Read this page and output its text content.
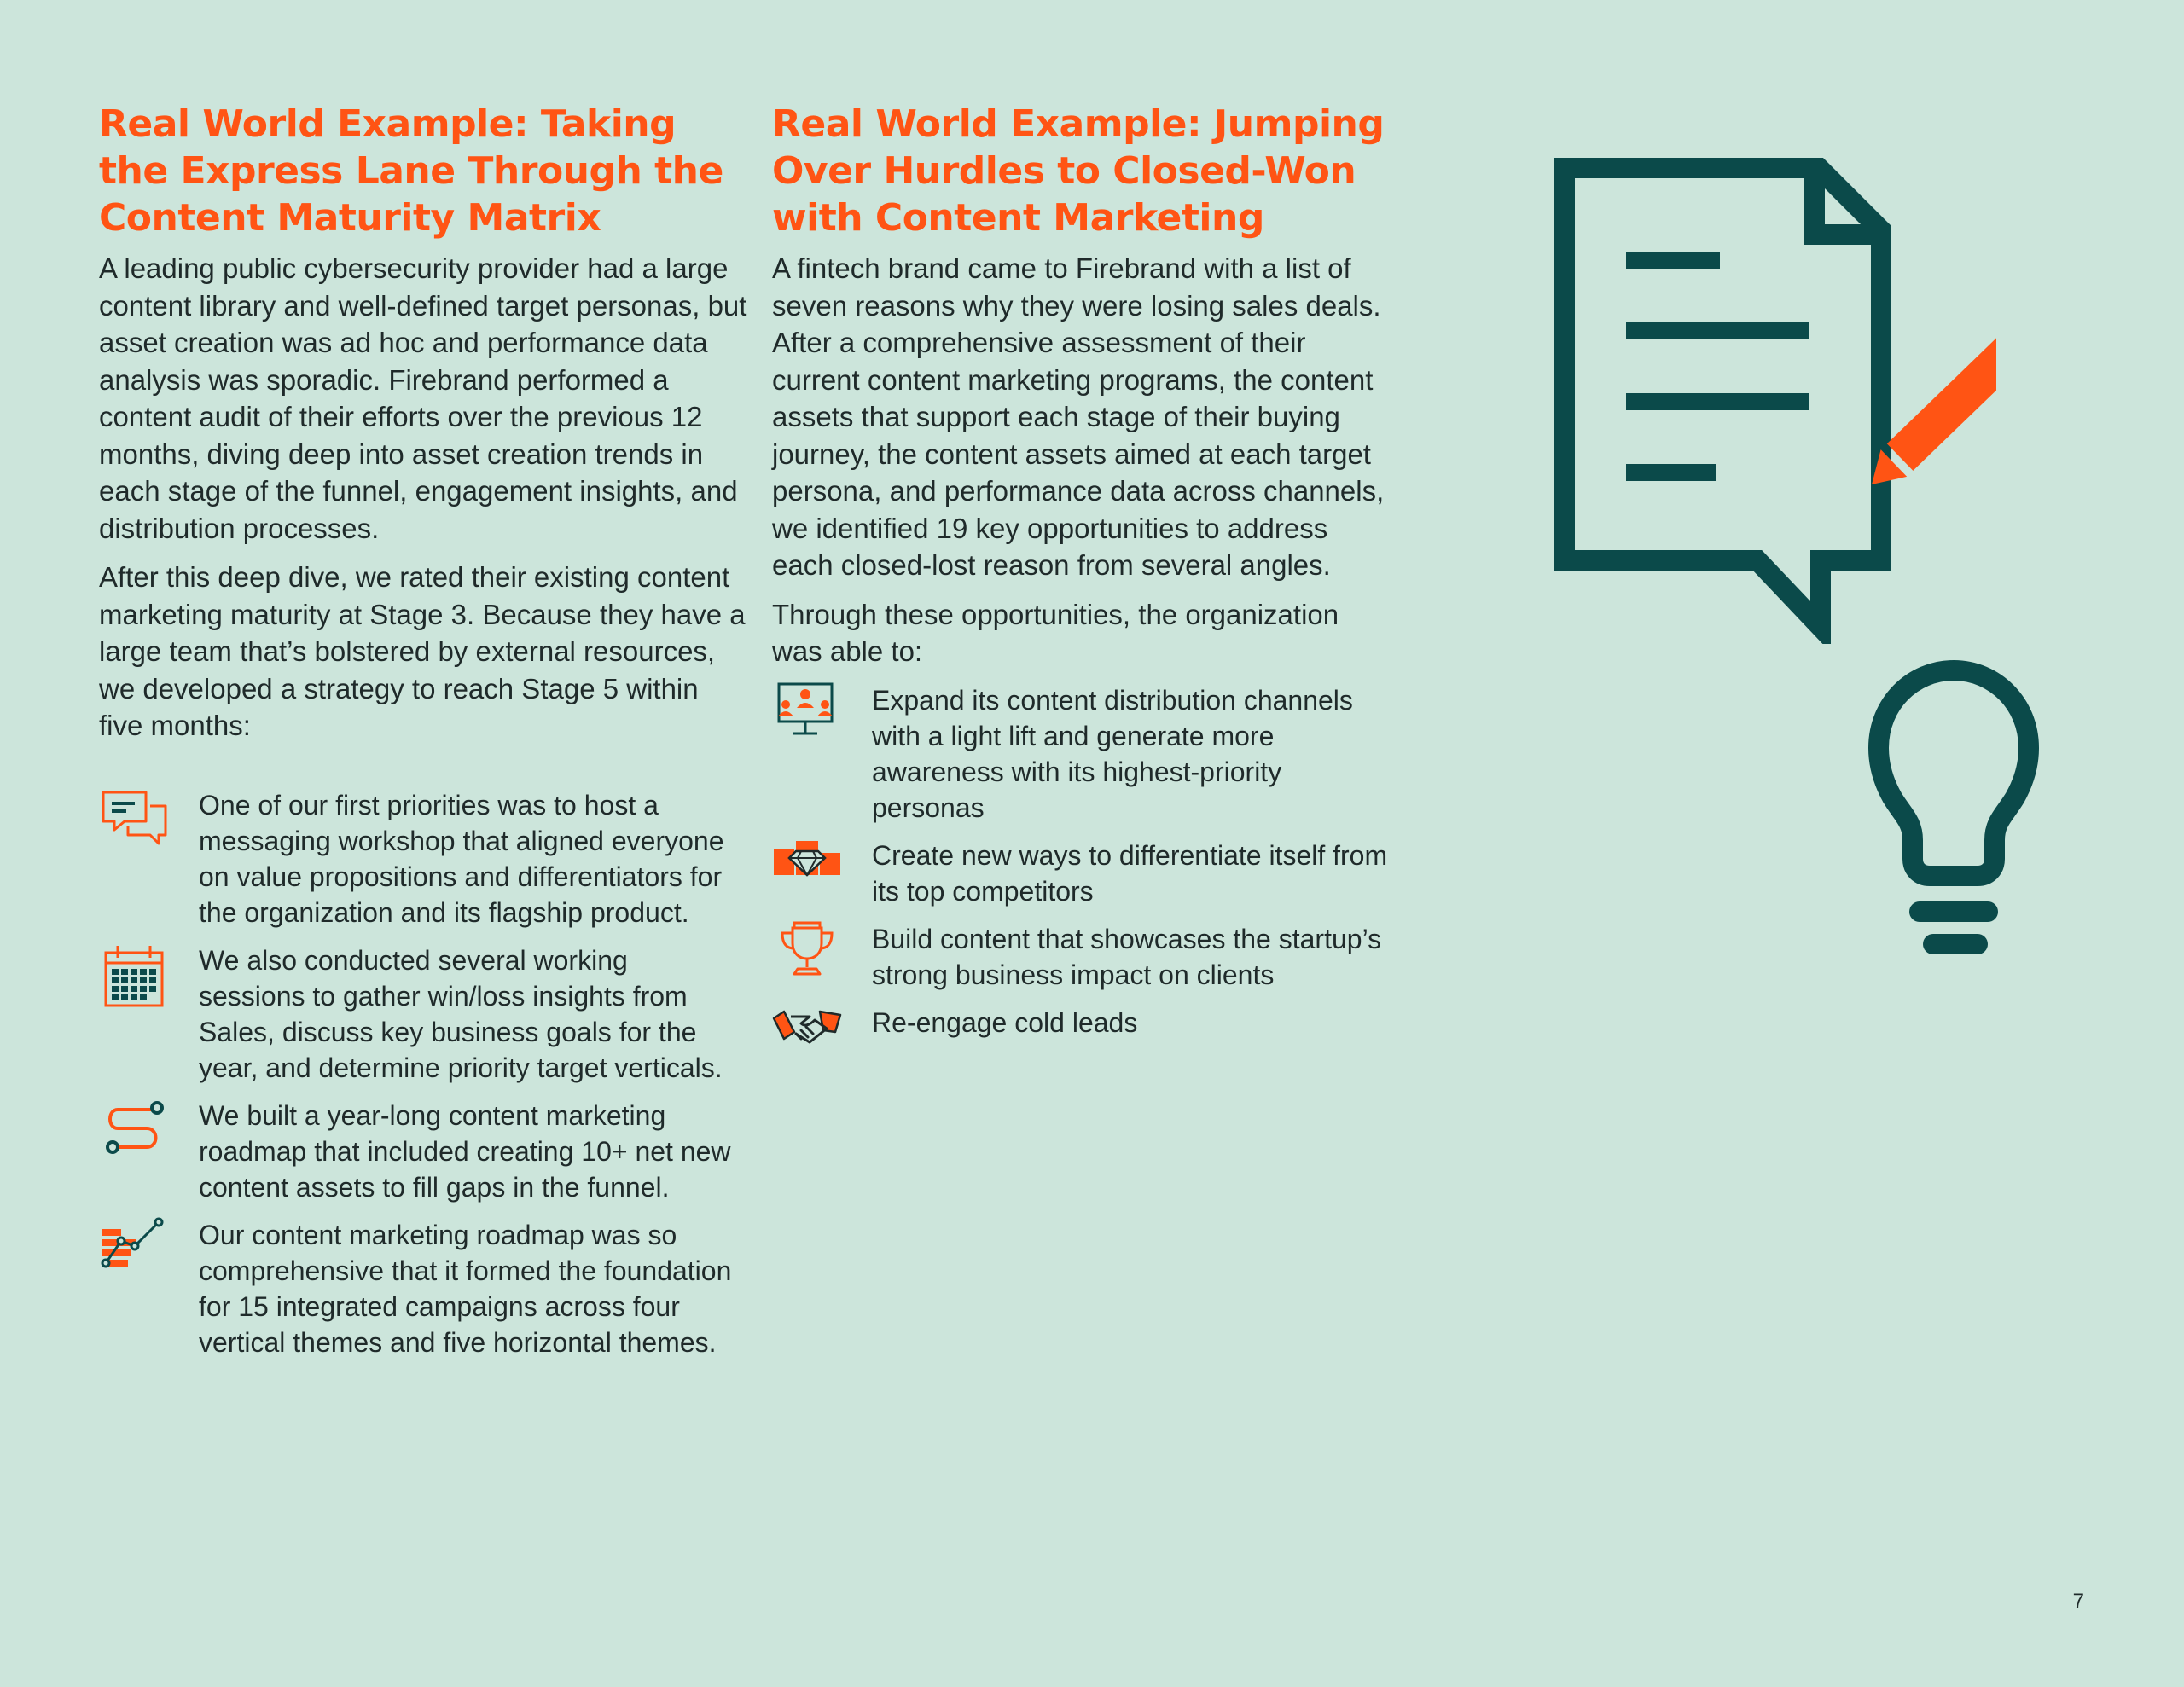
Real World Example: Taking the Express Lane Through the Content Maturity Matrix

A leading public cybersecurity provider had a large content library and well-defined target personas, but asset creation was ad hoc and performance data analysis was sporadic. Firebrand performed a content audit of their efforts over the previous 12 months, diving deep into asset creation trends in each stage of the funnel, engagement insights, and distribution processes.

After this deep dive, we rated their existing content marketing maturity at Stage 3. Because they have a large team that’s bolstered by external resources, we developed a strategy to reach Stage 5 within five months:

One of our first priorities was to host a messaging workshop that aligned everyone on value propositions and differentiators for the organization and its flagship product.
We also conducted several working sessions to gather win/loss insights from Sales, discuss key business goals for the year, and determine priority target verticals.
We built a year-long content marketing roadmap that included creating 10+ net new content assets to fill gaps in the funnel.
Our content marketing roadmap was so comprehensive that it formed the foundation for 15 integrated campaigns across four vertical themes and five horizontal themes.
Real World Example: Jumping Over Hurdles to Closed-Won with Content Marketing

A fintech brand came to Firebrand with a list of seven reasons why they were losing sales deals. After a comprehensive assessment of their current content marketing programs, the content assets that support each stage of their buying journey, the content assets aimed at each target persona, and performance data across channels, we identified 19 key opportunities to address each closed-lost reason from several angles.

Through these opportunities, the organization was able to:

Expand its content distribution channels with a light lift and generate more awareness with its highest-priority personas
Create new ways to differentiate itself from its top competitors
Build content that showcases the startup’s strong business impact on clients
Re-engage cold leads
7
